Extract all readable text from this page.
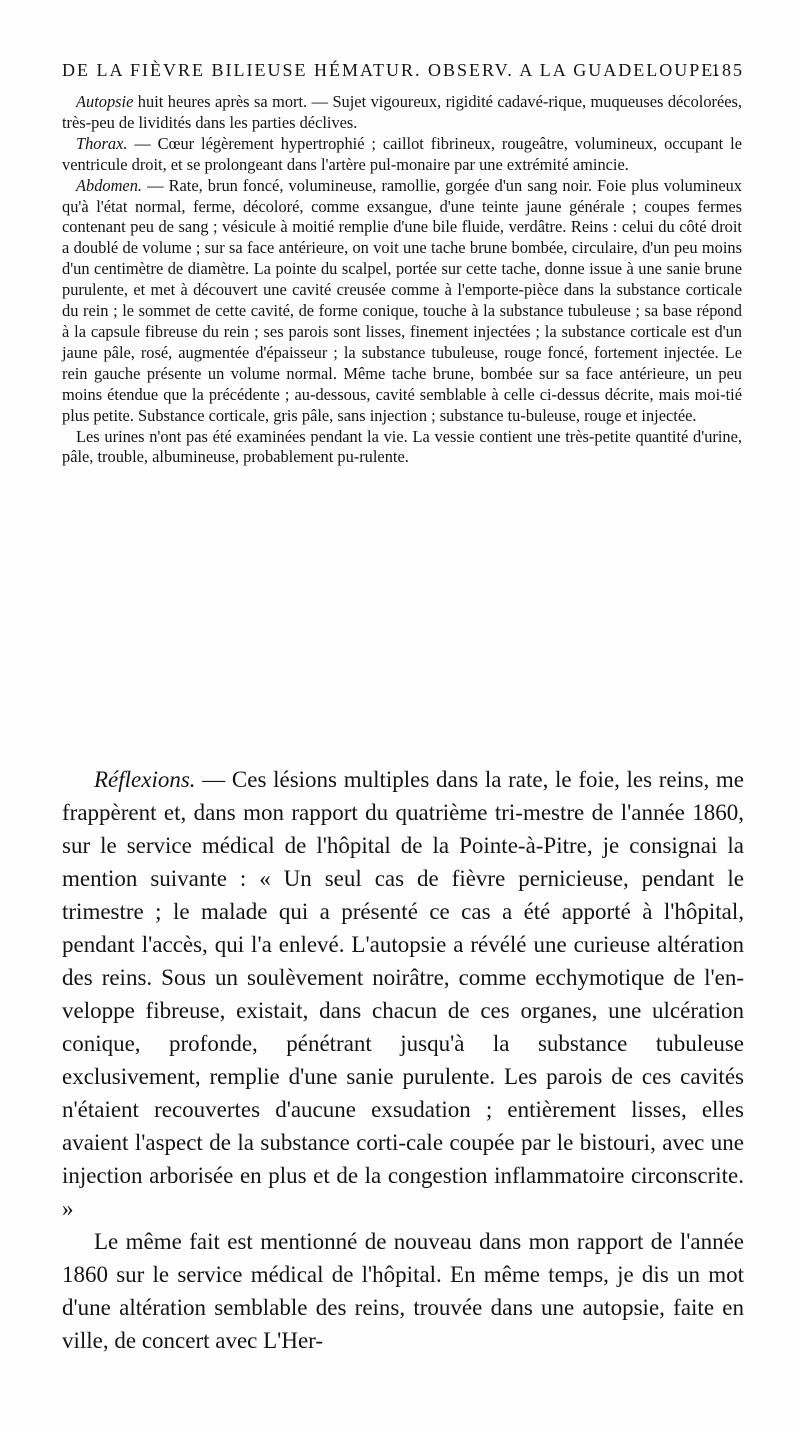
DE LA FIÈVRE BILIEUSE HÉMATUR. OBSERV. A LA GUADELOUPE.
185

Autopsie huit heures après sa mort. — Sujet vigoureux, rigidité cadavé-rique, muqueuses décolorées, très-peu de lividités dans les parties déclives.

Thorax. — Cœur légèrement hypertrophié ; caillot fibrineux, rougeâtre, volumineux, occupant le ventricule droit, et se prolongeant dans l'artère pul-monaire par une extrémité amincie.

Abdomen. — Rate, brun foncé, volumineuse, ramollie, gorgée d'un sang noir. Foie plus volumineux qu'à l'état normal, ferme, décoloré, comme exsangue, d'une teinte jaune générale ; coupes fermes contenant peu de sang ; vésicule à moitié remplie d'une bile fluide, verdâtre. Reins : celui du côté droit a doublé de volume ; sur sa face antérieure, on voit une tache brune bombée, circulaire, d'un peu moins d'un centimètre de diamètre. La pointe du scalpel, portée sur cette tache, donne issue à une sanie brune purulente, et met à découvert une cavité creusée comme à l'emporte-pièce dans la substance corticale du rein ; le sommet de cette cavité, de forme conique, touche à la substance tubuleuse ; sa base répond à la capsule fibreuse du rein ; ses parois sont lisses, finement injectées ; la substance corticale est d'un jaune pâle, rosé, augmentée d'épaisseur ; la substance tubuleuse, rouge foncé, fortement injectée. Le rein gauche présente un volume normal. Même tache brune, bombée sur sa face antérieure, un peu moins étendue que la précédente ; au-dessous, cavité semblable à celle ci-dessus décrite, mais moi-tié plus petite. Substance corticale, gris pâle, sans injection ; substance tu-buleuse, rouge et injectée.

Les urines n'ont pas été examinées pendant la vie. La vessie contient une très-petite quantité d'urine, pâle, trouble, albumineuse, probablement pu-rulente.

Réflexions. — Ces lésions multiples dans la rate, le foie, les reins, me frappèrent et, dans mon rapport du quatrième tri-mestre de l'année 1860, sur le service médical de l'hôpital de la Pointe-à-Pitre, je consignai la mention suivante : « Un seul cas de fièvre pernicieuse, pendant le trimestre ; le malade qui a présenté ce cas a été apporté à l'hôpital, pendant l'accès, qui l'a enlevé. L'autopsie a révélé une curieuse altération des reins. Sous un soulèvement noirâtre, comme ecchymotique de l'en-veloppe fibreuse, existait, dans chacun de ces organes, une ulcération conique, profonde, pénétrant jusqu'à la substance tubuleuse exclusivement, remplie d'une sanie purulente. Les parois de ces cavités n'étaient recouvertes d'aucune exsudation ; entièrement lisses, elles avaient l'aspect de la substance corti-cale coupée par le bistouri, avec une injection arborisée en plus et de la congestion inflammatoire circonscrite. »

Le même fait est mentionné de nouveau dans mon rapport de l'année 1860 sur le service médical de l'hôpital. En même temps, je dis un mot d'une altération semblable des reins, trouvée dans une autopsie, faite en ville, de concert avec L'Her-
